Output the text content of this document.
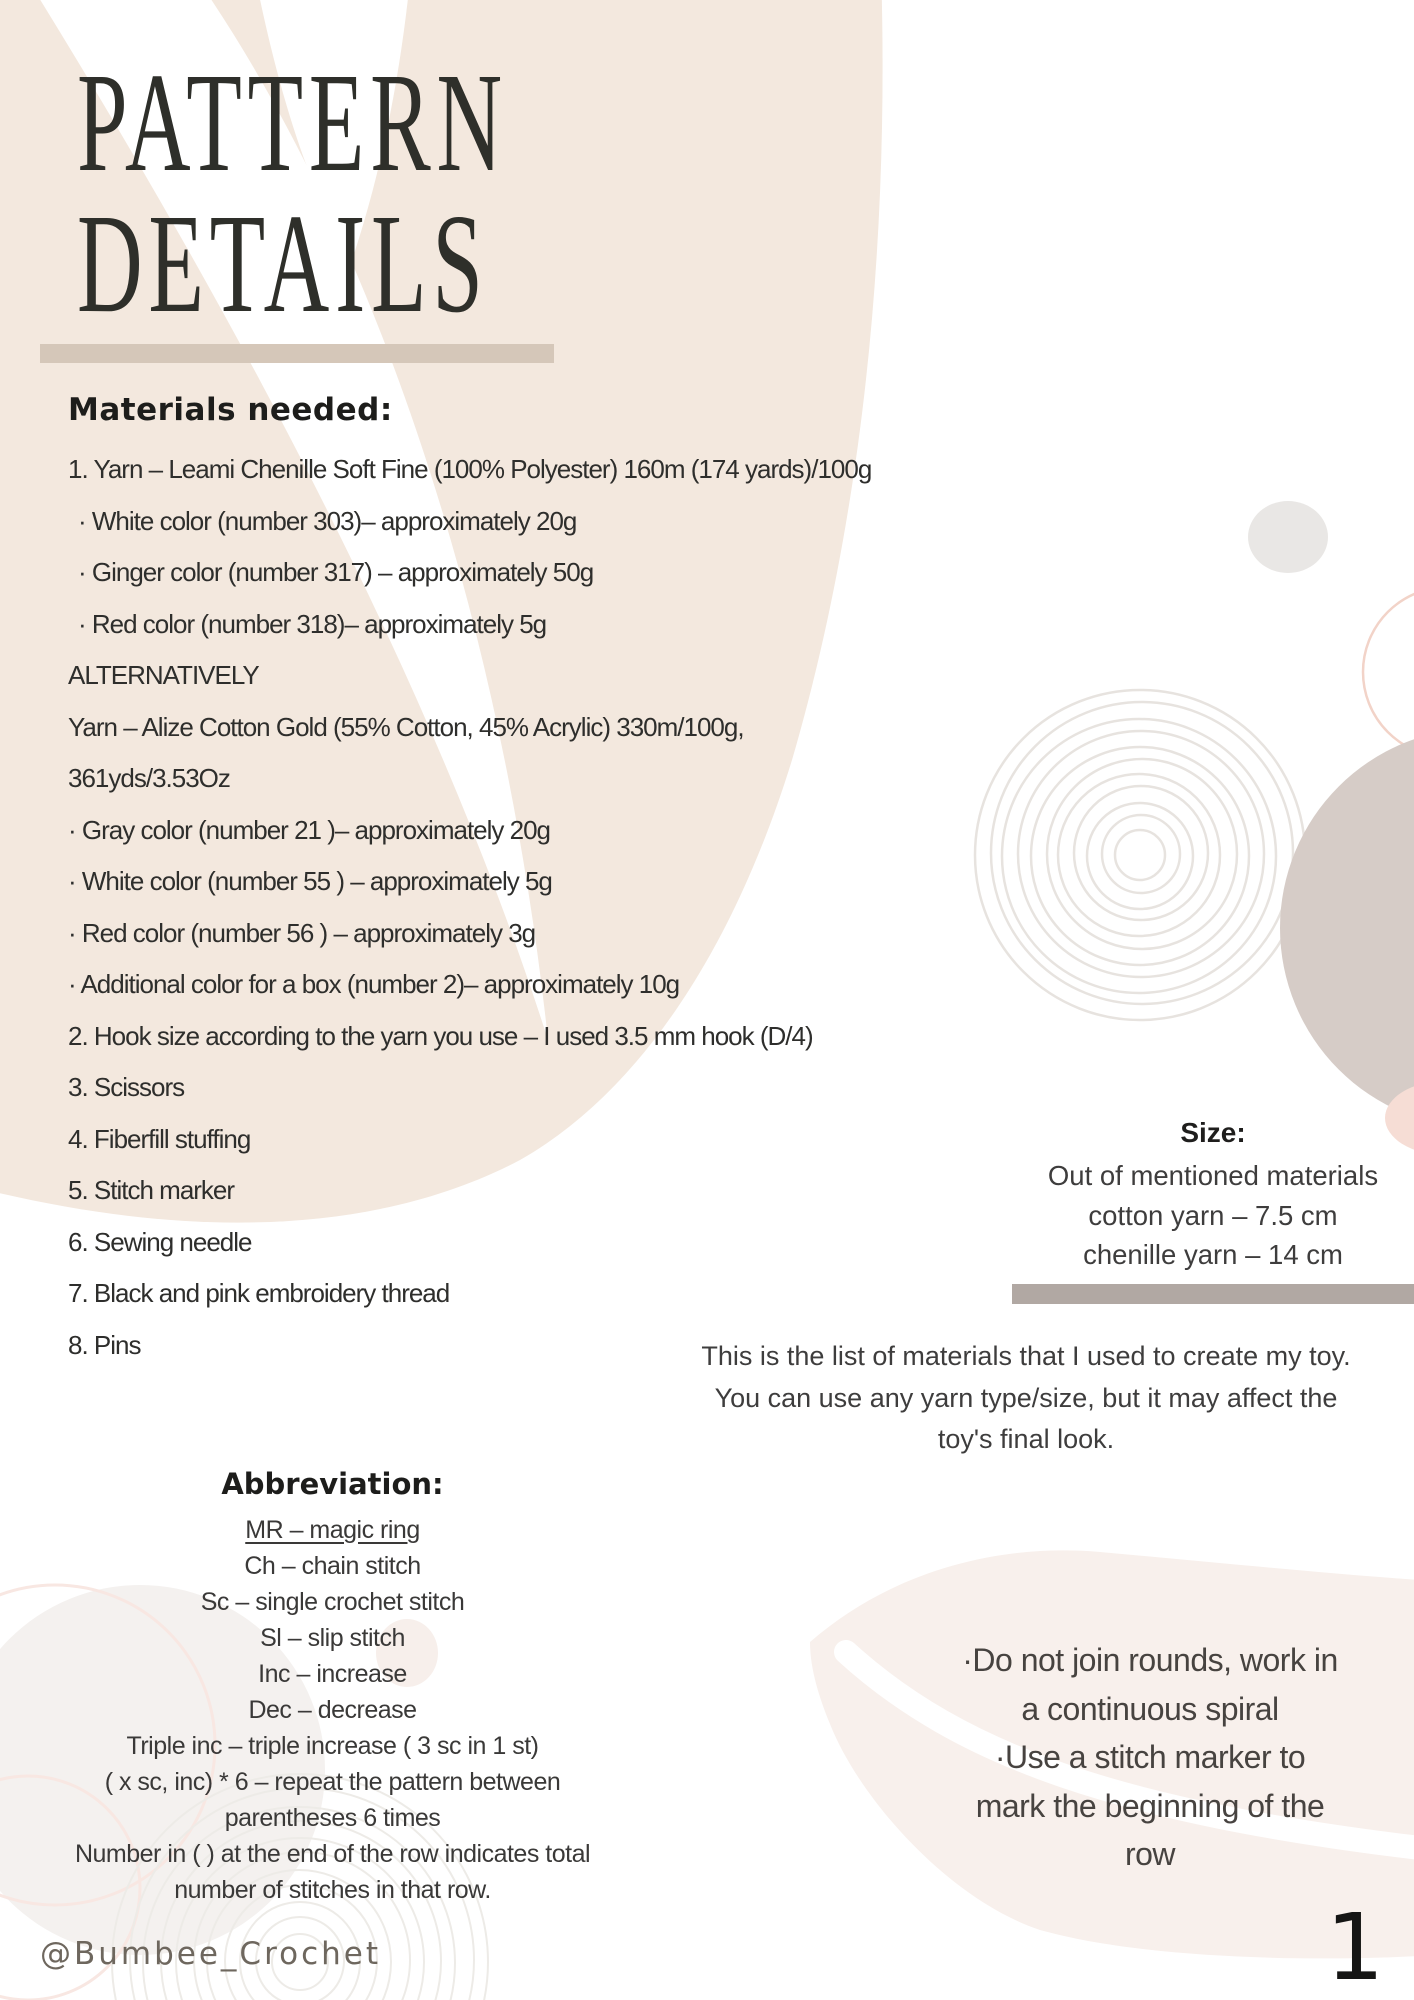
PATTERN
DETAILS
Materials needed:
1. Yarn – Leami Chenille Soft Fine (100% Polyester) 160m (174 yards)/100g
· White color (number 303)– approximately 20g
· Ginger color (number 317) – approximately 50g
· Red color (number 318)– approximately 5g
ALTERNATIVELY
Yarn – Alize Cotton Gold (55% Cotton, 45% Acrylic) 330m/100g,
361yds/3.53Oz
· Gray color (number 21 )– approximately 20g
· White color (number 55 ) – approximately 5g
· Red color (number 56 ) – approximately 3g
· Additional color for a box (number 2)– approximately 10g
2. Hook size according to the yarn you use – I used 3.5 mm hook (D/4)
3. Scissors
4. Fiberfill stuffing
5. Stitch marker
6. Sewing needle
7. Black and pink embroidery thread
8. Pins
Size:
Out of mentioned materials
cotton yarn – 7.5 cm
chenille yarn – 14 cm
This is the list of materials that I used to create my toy.
You can use any yarn type/size, but it may affect the
toy's final look.
Abbreviation:
MR – magic ring
Ch – chain stitch
Sc – single crochet stitch
Sl – slip stitch
Inc – increase
Dec – decrease
Triple inc – triple increase ( 3 sc in 1 st)
( x sc, inc) * 6 – repeat the pattern between
parentheses 6 times
Number in ( ) at the end of the row indicates total
number of stitches in that row.
·Do not join rounds, work in
a continuous spiral
·Use a stitch marker to
mark the beginning of the
row
@Bumbee_Crochet	1
